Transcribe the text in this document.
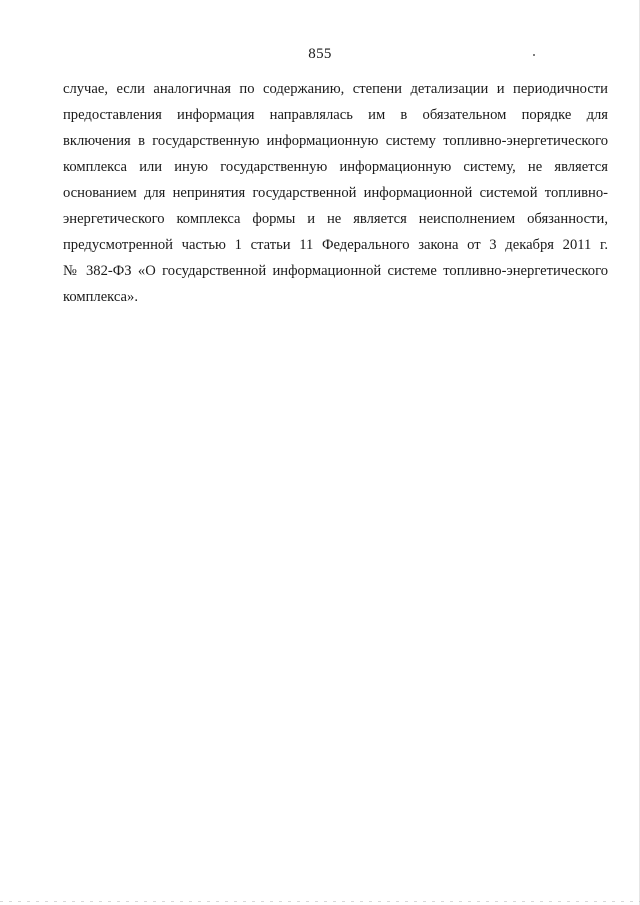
855
случае, если аналогичная по содержанию, степени детализации и периодичности
предоставления информация направлялась им в обязательном порядке для
включения в государственную информационную систему топливно-энергетического
комплекса или иную государственную информационную систему, не является
основанием для непринятия государственной информационной системой топливно-
энергетического комплекса формы и не является неисполнением обязанности,
предусмотренной частью 1 статьи 11 Федерального закона от 3 декабря 2011 г.
№ 382-ФЗ «О государственной информационной системе топливно-энергетического
комплекса».
